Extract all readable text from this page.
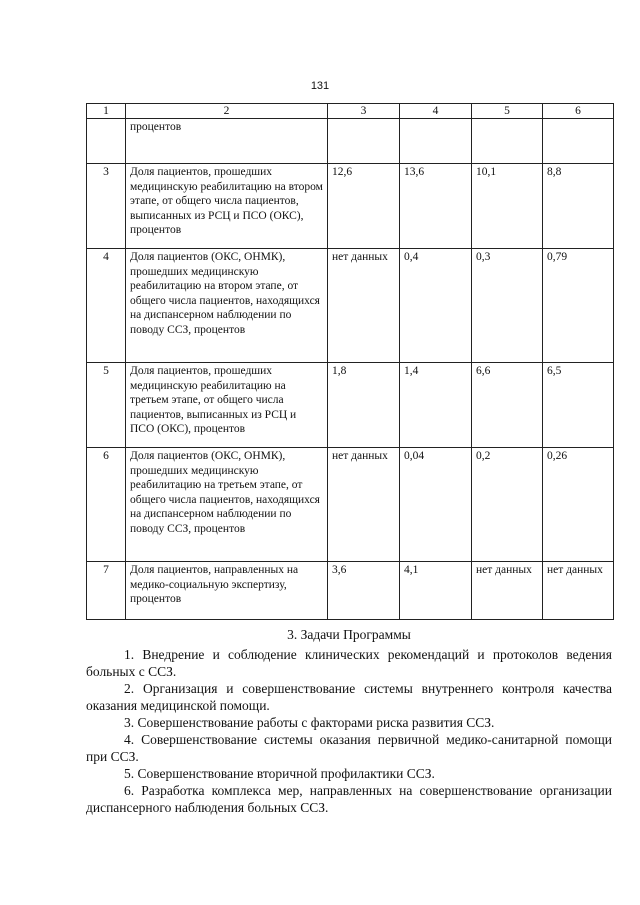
131
1	2	3	4	5	6
	процентов				
3	Доля пациентов, прошедших медицинскую реабилитацию на втором этапе, от общего числа пациентов, выписанных из РСЦ и ПСО (ОКС), процентов	12,6	13,6	10,1	8,8
4	Доля пациентов (ОКС, ОНМК), прошедших медицинскую реабилитацию на втором этапе, от общего числа пациентов, находящихся на диспансерном наблюдении по поводу ССЗ, процентов	нет данных	0,4	0,3	0,79
5	Доля пациентов, прошедших медицинскую реабилитацию на третьем этапе, от общего числа пациентов, выписанных из РСЦ и ПСО (ОКС), процентов	1,8	1,4	6,6	6,5
6	Доля пациентов (ОКС, ОНМК), прошедших медицинскую реабилитацию на третьем этапе, от общего числа пациентов, находящихся на диспансерном наблюдении по поводу ССЗ, процентов	нет данных	0,04	0,2	0,26
7	Доля пациентов, направленных на медико-социальную экспертизу, процентов	3,6	4,1	нет данных	нет данных
3. Задачи Программы

1. Внедрение и соблюдение клинических рекомендаций и протоколов ведения больных с ССЗ.

2. Организация и совершенствование системы внутреннего контроля качества оказания медицинской помощи.

3. Совершенствование работы с факторами риска развития ССЗ.

4. Совершенствование системы оказания первичной медико-санитарной помощи при ССЗ.

5. Совершенствование вторичной профилактики ССЗ.

6. Разработка комплекса мер, направленных на совершенствование организации диспансерного наблюдения больных ССЗ.
